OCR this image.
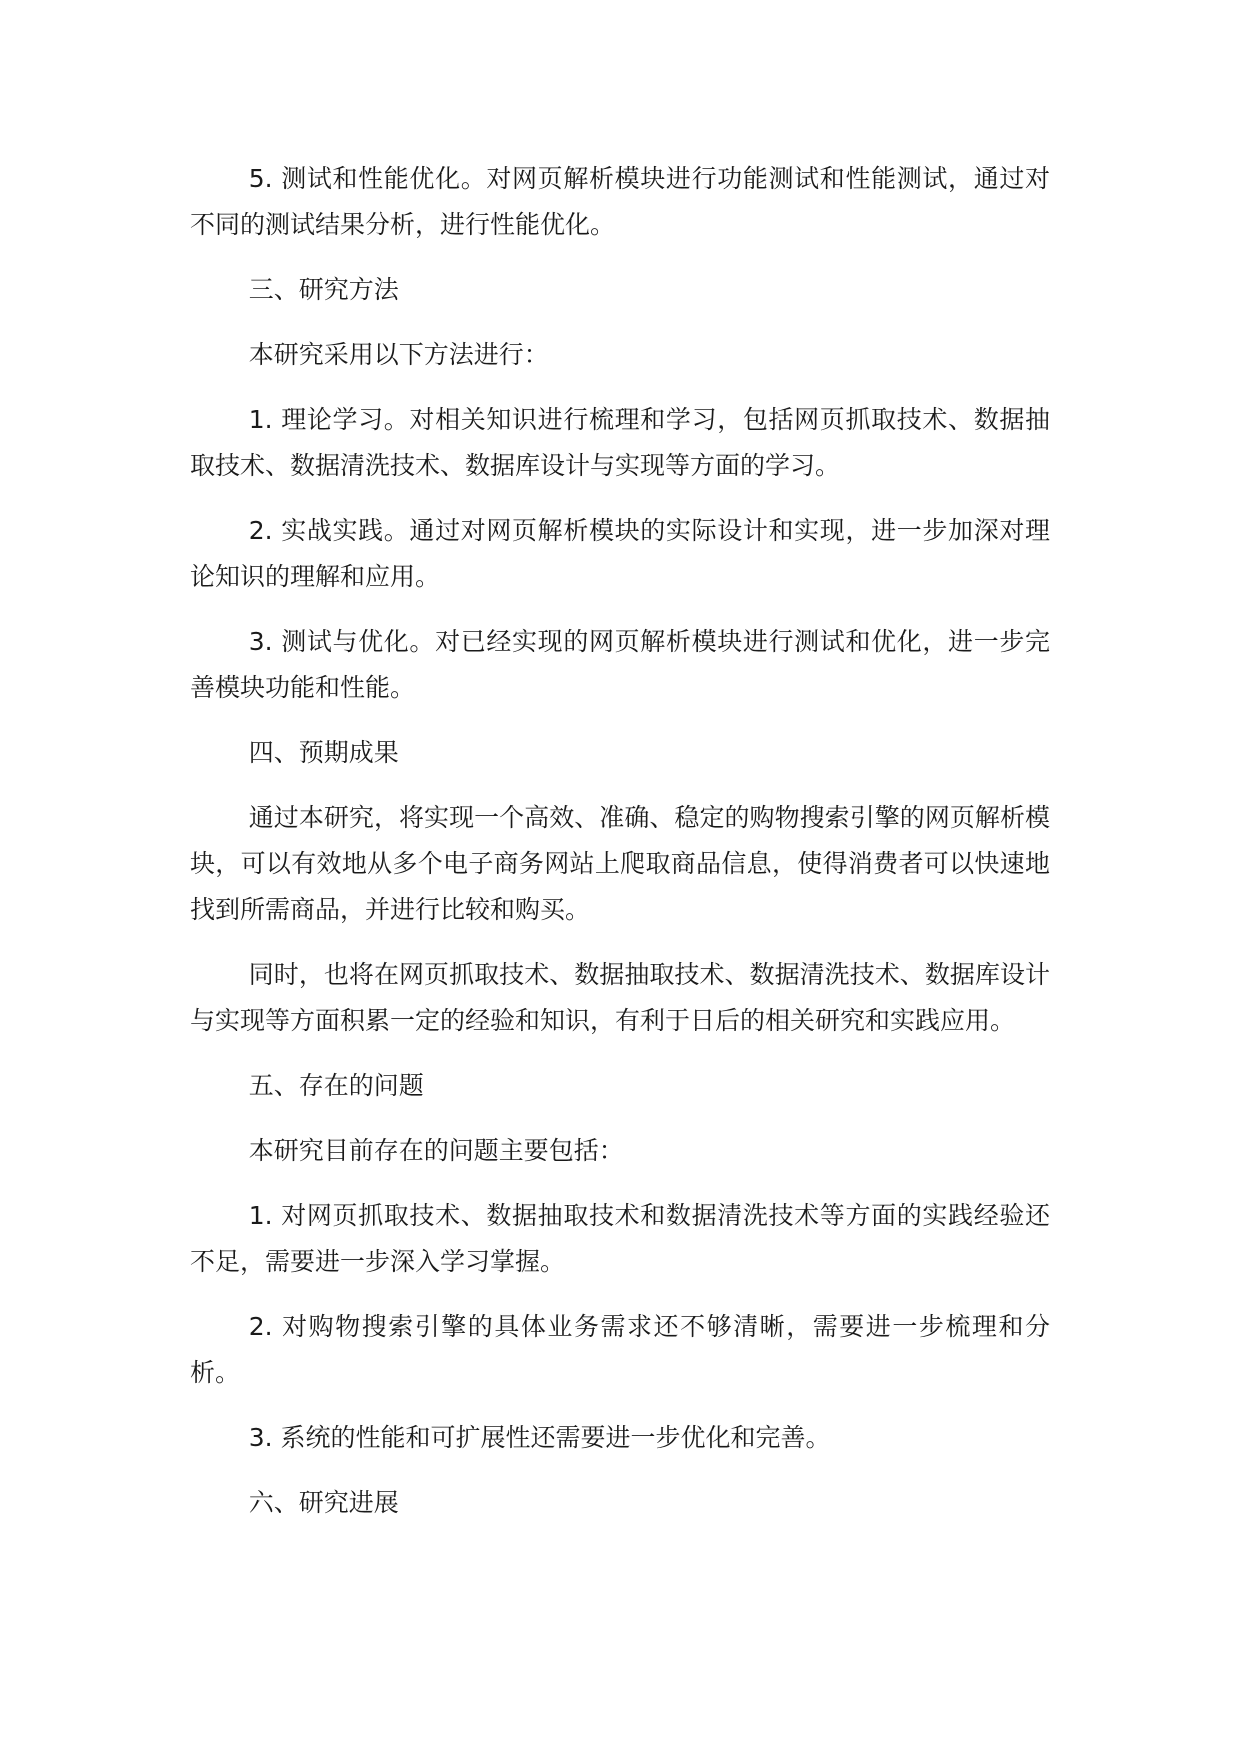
5. 测试和性能优化。对网页解析模块进行功能测试和性能测试，通过对不同的测试结果分析，进行性能优化。

三、研究方法

本研究采用以下方法进行：

1. 理论学习。对相关知识进行梳理和学习，包括网页抓取技术、数据抽取技术、数据清洗技术、数据库设计与实现等方面的学习。

2. 实战实践。通过对网页解析模块的实际设计和实现，进一步加深对理论知识的理解和应用。

3. 测试与优化。对已经实现的网页解析模块进行测试和优化，进一步完善模块功能和性能。

四、预期成果

通过本研究，将实现一个高效、准确、稳定的购物搜索引擎的网页解析模块，可以有效地从多个电子商务网站上爬取商品信息，使得消费者可以快速地找到所需商品，并进行比较和购买。

同时，也将在网页抓取技术、数据抽取技术、数据清洗技术、数据库设计与实现等方面积累一定的经验和知识，有利于日后的相关研究和实践应用。

五、存在的问题

本研究目前存在的问题主要包括：

1. 对网页抓取技术、数据抽取技术和数据清洗技术等方面的实践经验还不足，需要进一步深入学习掌握。

2. 对购物搜索引擎的具体业务需求还不够清晰，需要进一步梳理和分析。

3. 系统的性能和可扩展性还需要进一步优化和完善。

六、研究进展
